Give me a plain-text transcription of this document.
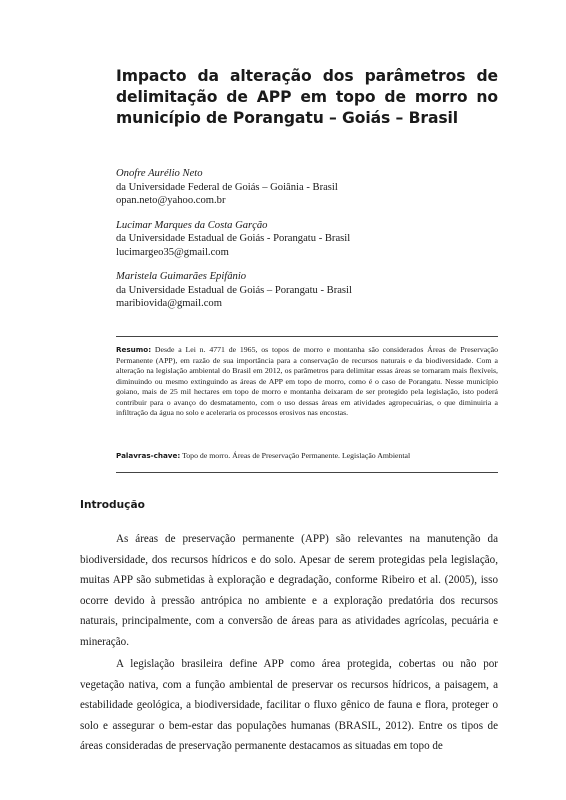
Impacto da alteração dos parâmetros de delimitação de APP em topo de morro no município de Porangatu – Goiás – Brasil
Onofre Aurélio Neto
da Universidade Federal de Goiás – Goiânia - Brasil
opan.neto@yahoo.com.br
Lucimar Marques da Costa Garção
da Universidade Estadual de Goiás - Porangatu - Brasil
lucimargeo35@gmail.com
Maristela Guimarães Epifânio
da Universidade Estadual de Goiás – Porangatu - Brasil
maribiovida@gmail.com

Resumo: Desde a Lei n. 4771 de 1965, os topos de morro e montanha são considerados Áreas de Preservação Permanente (APP), em razão de sua importância para a conservação de recursos naturais e da biodiversidade. Com a alteração na legislação ambiental do Brasil em 2012, os parâmetros para delimitar essas áreas se tornaram mais flexíveis, diminuindo ou mesmo extinguindo as áreas de APP em topo de morro, como é o caso de Porangatu. Nesse município goiano, mais de 25 mil hectares em topo de morro e montanha deixaram de ser protegido pela legislação, isto poderá contribuir para o avanço do desmatamento, com o uso dessas áreas em atividades agropecuárias, o que diminuiria a infiltração da água no solo e aceleraria os processos erosivos nas encostas.

Palavras-chave: Topo de morro. Áreas de Preservação Permanente. Legislação Ambiental

Introdução

As áreas de preservação permanente (APP) são relevantes na manutenção da biodiversidade, dos recursos hídricos e do solo. Apesar de serem protegidas pela legislação, muitas APP são submetidas à exploração e degradação, conforme Ribeiro et al. (2005), isso ocorre devido à pressão antrópica no ambiente e a exploração predatória dos recursos naturais, principalmente, com a conversão de áreas para as atividades agrícolas, pecuária e mineração.

A legislação brasileira define APP como área protegida, cobertas ou não por vegetação nativa, com a função ambiental de preservar os recursos hídricos, a paisagem, a estabilidade geológica, a biodiversidade, facilitar o fluxo gênico de fauna e flora, proteger o solo e assegurar o bem-estar das populações humanas (BRASIL, 2012). Entre os tipos de áreas consideradas de preservação permanente destacamos as situadas em topo de
